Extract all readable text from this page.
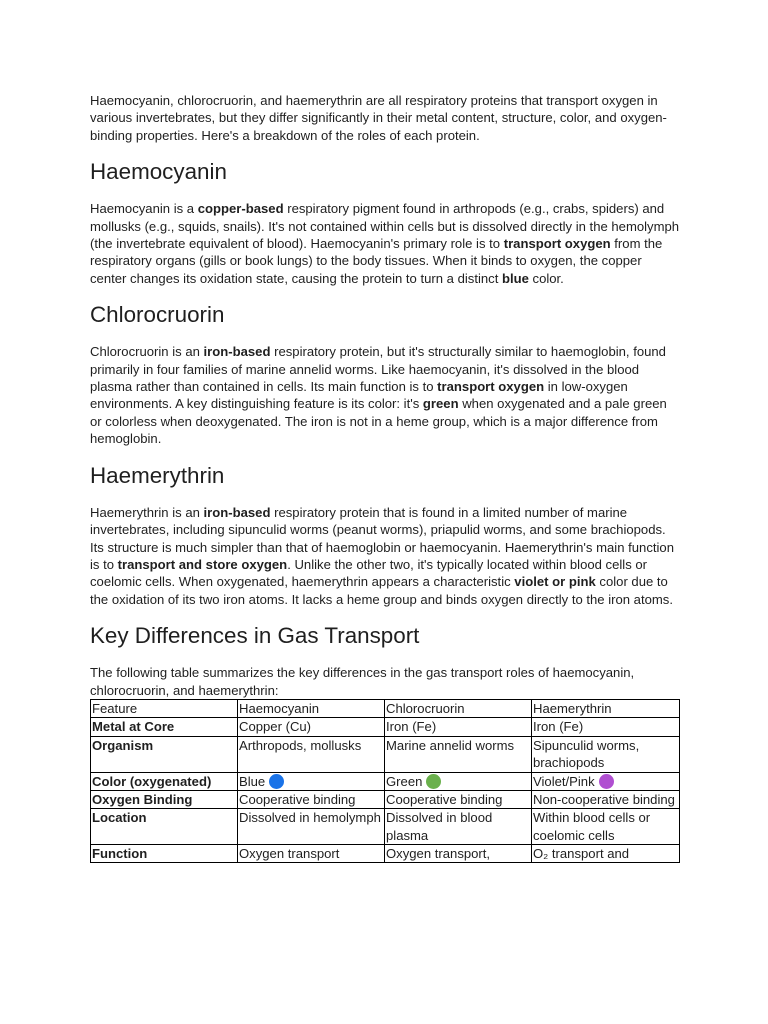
Haemocyanin, chlorocruorin, and haemerythrin are all respiratory proteins that transport oxygen in various invertebrates, but they differ significantly in their metal content, structure, color, and oxygen-binding properties. Here's a breakdown of the roles of each protein.

Haemocyanin

Haemocyanin is a copper-based respiratory pigment found in arthropods (e.g., crabs, spiders) and mollusks (e.g., squids, snails). It's not contained within cells but is dissolved directly in the hemolymph (the invertebrate equivalent of blood). Haemocyanin's primary role is to transport oxygen from the respiratory organs (gills or book lungs) to the body tissues. When it binds to oxygen, the copper center changes its oxidation state, causing the protein to turn a distinct blue color.

Chlorocruorin

Chlorocruorin is an iron-based respiratory protein, but it's structurally similar to haemoglobin, found primarily in four families of marine annelid worms. Like haemocyanin, it's dissolved in the blood plasma rather than contained in cells. Its main function is to transport oxygen in low-oxygen environments. A key distinguishing feature is its color: it's green when oxygenated and a pale green or colorless when deoxygenated. The iron is not in a heme group, which is a major difference from hemoglobin.

Haemerythrin

Haemerythrin is an iron-based respiratory protein that is found in a limited number of marine invertebrates, including sipunculid worms (peanut worms), priapulid worms, and some brachiopods. Its structure is much simpler than that of haemoglobin or haemocyanin. Haemerythrin's main function is to transport and store oxygen. Unlike the other two, it's typically located within blood cells or coelomic cells. When oxygenated, haemerythrin appears a characteristic violet or pink color due to the oxidation of its two iron atoms. It lacks a heme group and binds oxygen directly to the iron atoms.

Key Differences in Gas Transport

The following table summarizes the key differences in the gas transport roles of haemocyanin, chlorocruorin, and haemerythrin:

Feature	Haemocyanin	Chlorocruorin	Haemerythrin
Metal at Core	Copper (Cu)	Iron (Fe)	Iron (Fe)
Organism	Arthropods, mollusks	Marine annelid worms	Sipunculid worms, brachiopods
Color (oxygenated)	Blue	Green	Violet/Pink
Oxygen Binding	Cooperative binding	Cooperative binding	Non-cooperative binding
Location	Dissolved in hemolymph	Dissolved in blood plasma	Within blood cells or coelomic cells

Function	Oxygen transport	Oxygen transport,	O₂ transport and
